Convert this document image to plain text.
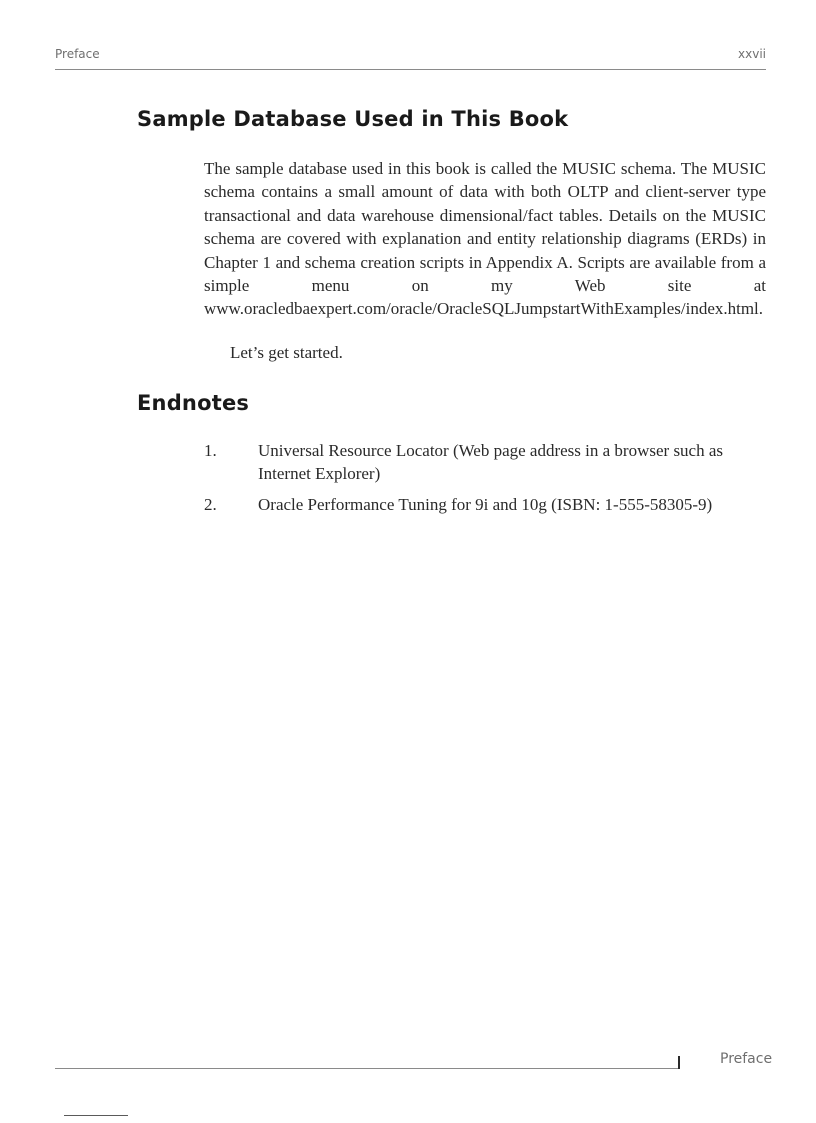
Preface	xxvii
Sample Database Used in This Book

The sample database used in this book is called the MUSIC schema. The MUSIC schema contains a small amount of data with both OLTP and client-server type transactional and data warehouse dimensional/fact tables. Details on the MUSIC schema are covered with explanation and entity relationship diagrams (ERDs) in Chapter 1 and schema creation scripts in Appendix A. Scripts are available from a simple menu on my Web site at www.oracledbaexpert.com/oracle/OracleSQLJumpstartWithExamples/index.html.

Let’s get started.

Endnotes
1. Universal Resource Locator (Web page address in a browser such as Internet Explorer)
2. Oracle Performance Tuning for 9i and 10g (ISBN: 1-555-58305-9)
Preface
